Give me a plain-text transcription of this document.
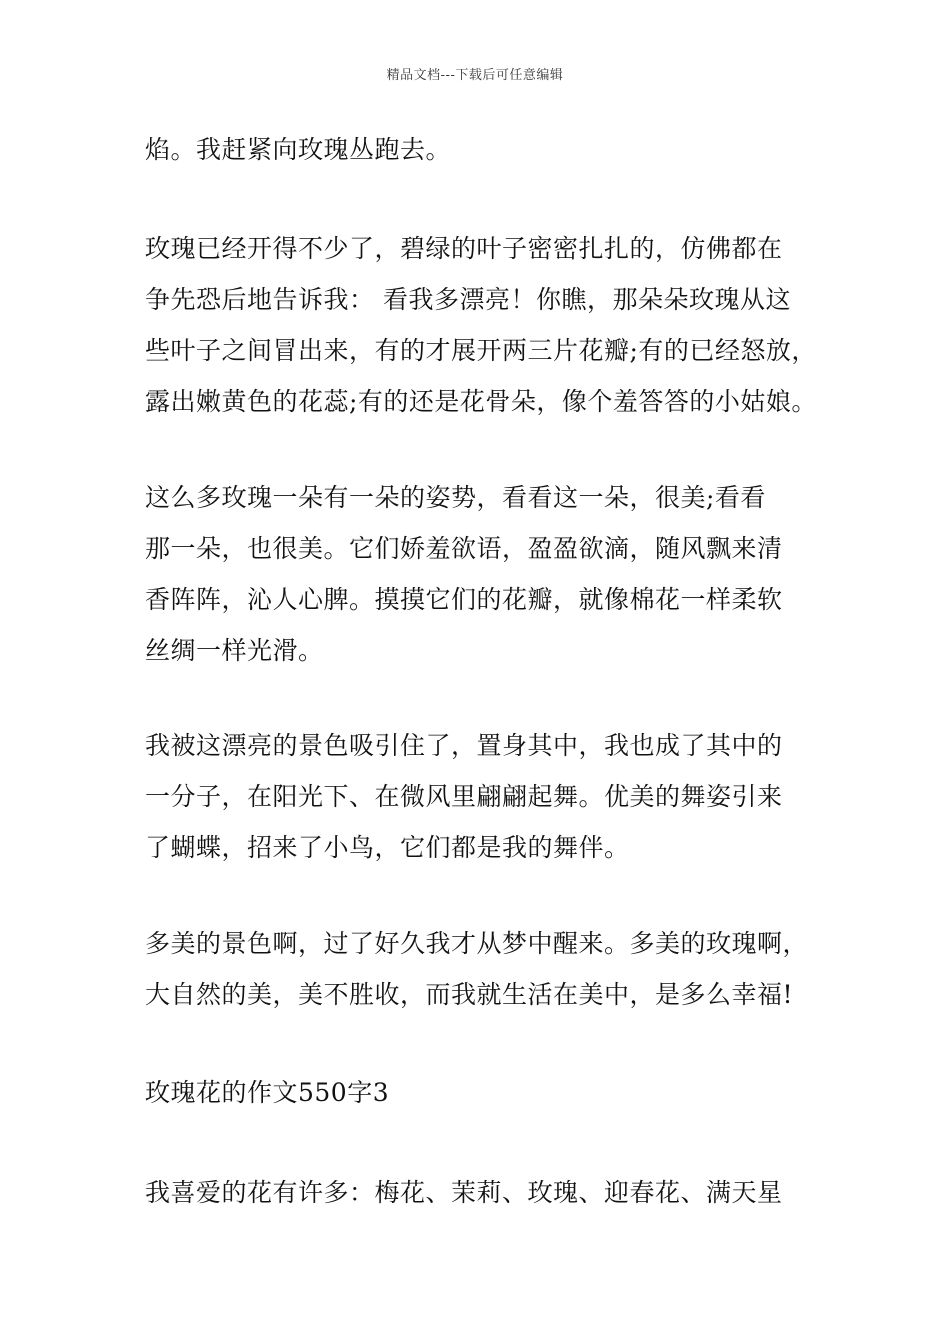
精品文档---下载后可任意编辑
焰。我赶紧向玫瑰丛跑去。
玫瑰已经开得不少了，碧绿的叶子密密扎扎的，仿佛都在
争先恐后地告诉我： 看我多漂亮！你瞧，那朵朵玫瑰从这
些叶子之间冒出来，有的才展开两三片花瓣;有的已经怒放，
露出嫩黄色的花蕊;有的还是花骨朵，像个羞答答的小姑娘。
这么多玫瑰一朵有一朵的姿势，看看这一朵，很美;看看
那一朵，也很美。它们娇羞欲语，盈盈欲滴，随风飘来清
香阵阵，沁人心脾。摸摸它们的花瓣，就像棉花一样柔软
丝绸一样光滑。
我被这漂亮的景色吸引住了，置身其中，我也成了其中的
一分子，在阳光下、在微风里翩翩起舞。优美的舞姿引来
了蝴蝶，招来了小鸟，它们都是我的舞伴。
多美的景色啊，过了好久我才从梦中醒来。多美的玫瑰啊，
大自然的美，美不胜收，而我就生活在美中，是多么幸福!
玫瑰花的作文550字3
我喜爱的花有许多：梅花、茉莉、玫瑰、迎春花、满天星
